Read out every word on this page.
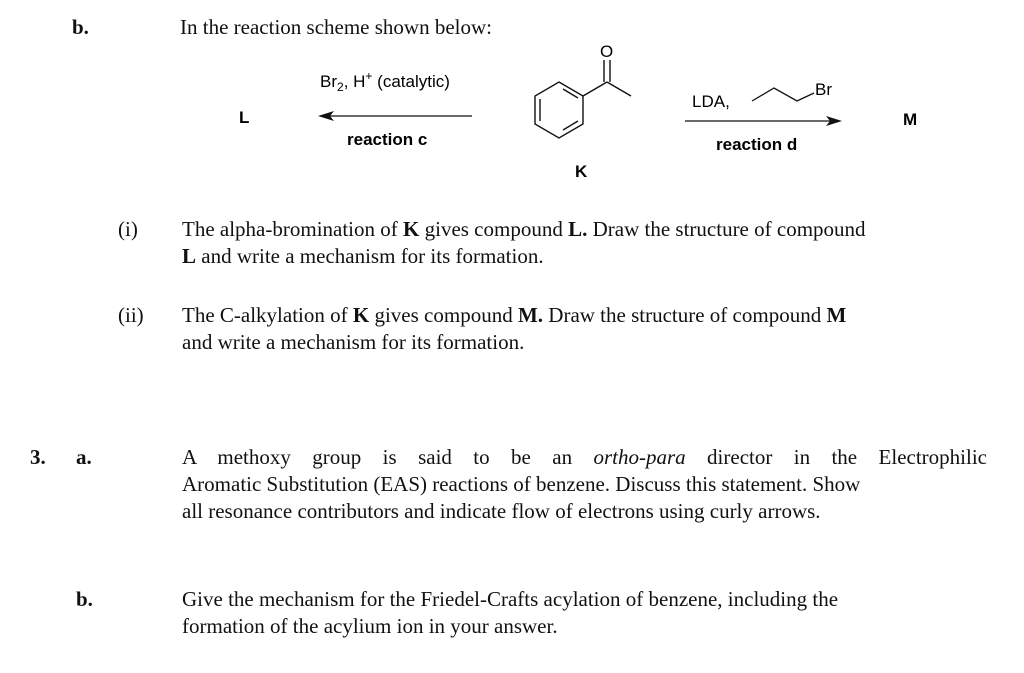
b.	In the reaction scheme shown below:
$Br_2$, H+ (catalytic)
reaction c
L
O
K
LDA,
Br
reaction d
M
(i) The alpha-bromination of K gives compound L. Draw the structure of compound
L and write a mechanism for its formation.
(ii) The C-alkylation of K gives compound M. Draw the structure of compound M
and write a mechanism for its formation.
3. a.	A methoxy group is said to be an ortho-para director in the Electrophilic
Aromatic Substitution (EAS) reactions of benzene. Discuss this statement. Show
all resonance contributors and indicate flow of electrons using curly arrows.
b.	Give the mechanism for the Friedel-Crafts acylation of benzene, including the
formation of the acylium ion in your answer.
